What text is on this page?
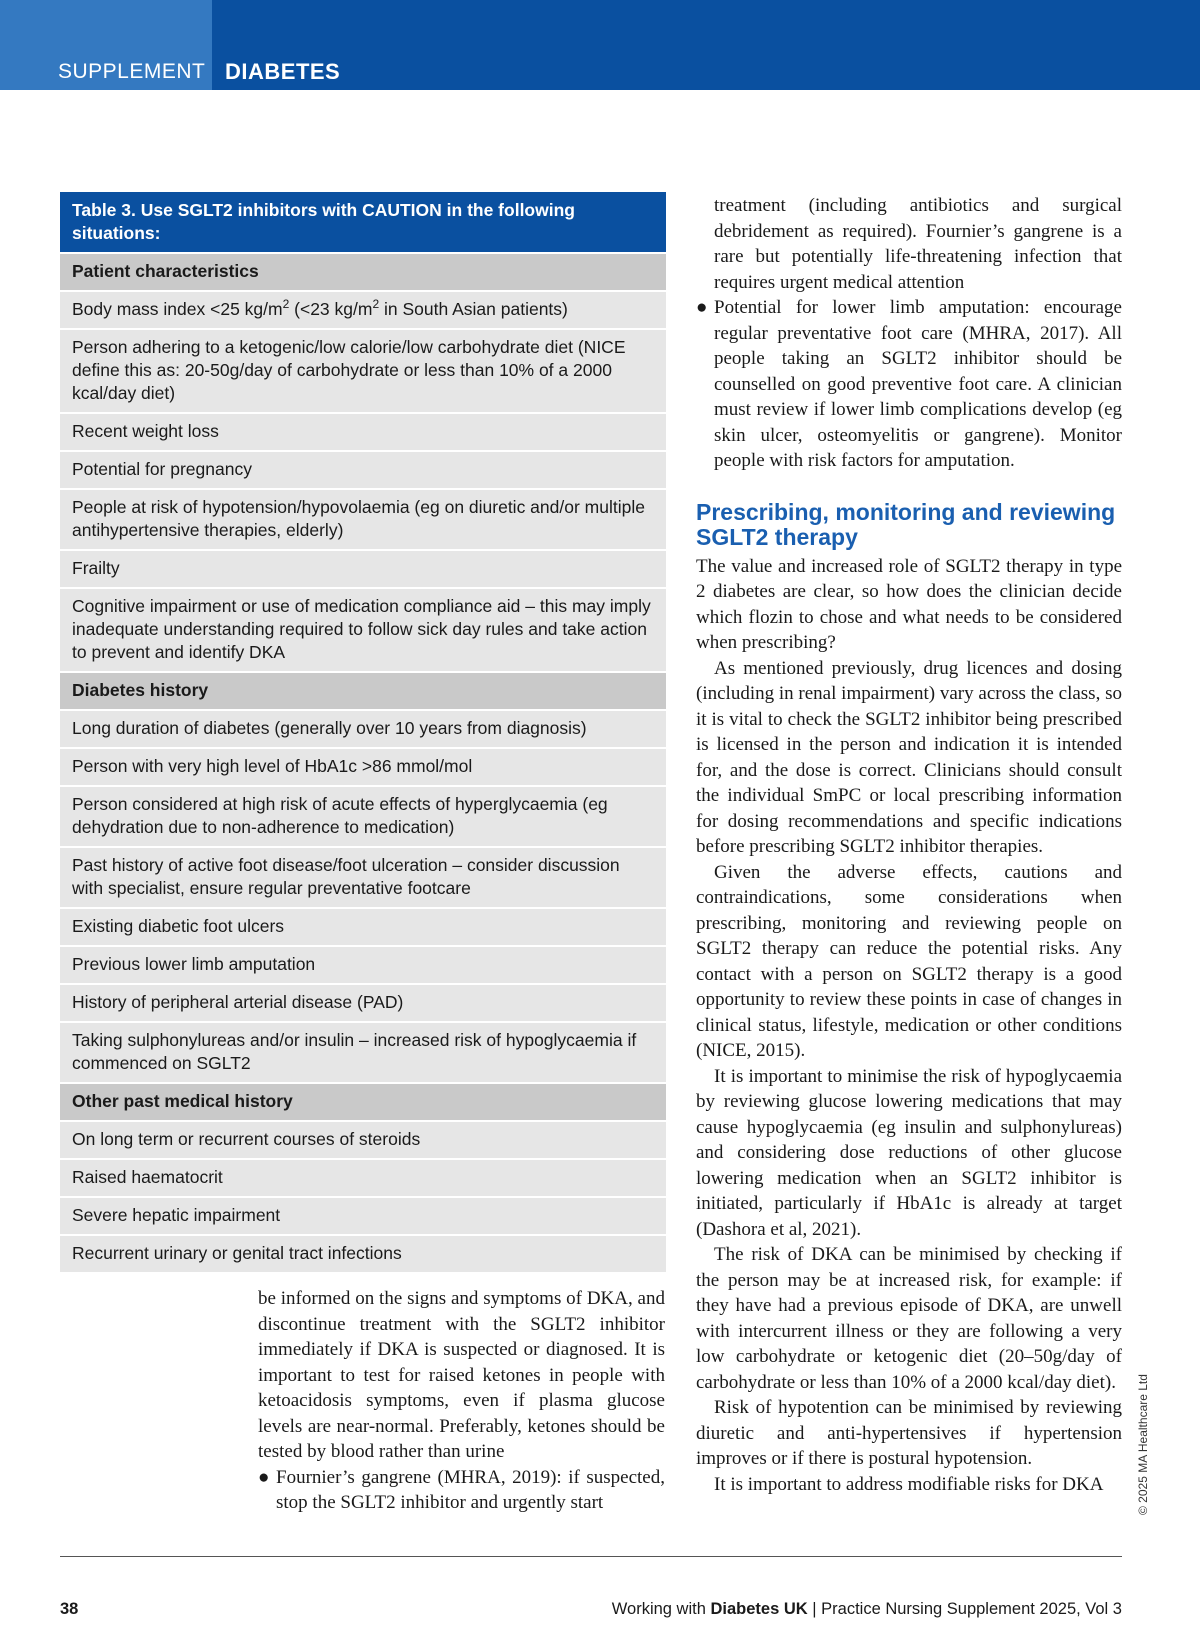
SUPPLEMENT DIABETES
Table 3. Use SGLT2 inhibitors with CAUTION in the following situations:
Patient characteristics
Body mass index <25 $kg/m^2$ (<23 $kg/m^2$ in South Asian patients)
Person adhering to a ketogenic/low calorie/low carbohydrate diet (NICE define this as: 20-50g/day of carbohydrate or less than 10% of a 2000 kcal/day diet)
Recent weight loss
Potential for pregnancy
People at risk of hypotension/hypovolaemia (eg on diuretic and/or multiple antihypertensive therapies, elderly)
Frailty
Cognitive impairment or use of medication compliance aid – this may imply inadequate understanding required to follow sick day rules and take action to prevent and identify DKA
Diabetes history
Long duration of diabetes (generally over 10 years from diagnosis)
Person with very high level of HbA1c >86 mmol/mol
Person considered at high risk of acute effects of hyperglycaemia (eg dehydration due to non-adherence to medication)
Past history of active foot disease/foot ulceration – consider discussion with specialist, ensure regular preventative footcare
Existing diabetic foot ulcers
Previous lower limb amputation
History of peripheral arterial disease (PAD)
Taking sulphonylureas and/or insulin – increased risk of hypoglycaemia if commenced on SGLT2
Other past medical history
On long term or recurrent courses of steroids
Raised haematocrit
Severe hepatic impairment
Recurrent urinary or genital tract infections

be informed on the signs and symptoms of DKA, and discontinue treatment with the SGLT2 inhibitor immediately if DKA is suspected or diagnosed. It is important to test for raised ketones in people with ketoacidosis symptoms, even if plasma glucose levels are near-normal. Preferably, ketones should be tested by blood rather than urine

● Fournier’s gangrene (MHRA, 2019): if suspected, stop the SGLT2 inhibitor and urgently start

treatment (including antibiotics and surgical debridement as required). Fournier’s gangrene is a rare but potentially life-threatening infection that requires urgent medical attention

● Potential for lower limb amputation: encourage regular preventative foot care (MHRA, 2017). All people taking an SGLT2 inhibitor should be counselled on good preventive foot care. A clinician must review if lower limb complications develop (eg skin ulcer, osteomyelitis or gangrene). Monitor people with risk factors for amputation.
Prescribing, monitoring and reviewing SGLT2 therapy

The value and increased role of SGLT2 therapy in type 2 diabetes are clear, so how does the clinician decide which flozin to chose and what needs to be considered when prescribing?

As mentioned previously, drug licences and dosing (including in renal impairment) vary across the class, so it is vital to check the SGLT2 inhibitor being prescribed is licensed in the person and indication it is intended for, and the dose is correct. Clinicians should consult the individual SmPC or local prescribing information for dosing recommendations and specific indications before prescribing SGLT2 inhibitor therapies.

Given the adverse effects, cautions and contraindications, some considerations when prescribing, monitoring and reviewing people on SGLT2 therapy can reduce the potential risks. Any contact with a person on SGLT2 therapy is a good opportunity to review these points in case of changes in clinical status, lifestyle, medication or other conditions (NICE, 2015).

It is important to minimise the risk of hypoglycaemia by reviewing glucose lowering medications that may cause hypoglycaemia (eg insulin and sulphonylureas) and considering dose reductions of other glucose lowering medication when an SGLT2 inhibitor is initiated, particularly if HbA1c is already at target (Dashora et al, 2021).

The risk of DKA can be minimised by checking if the person may be at increased risk, for example: if they have had a previous episode of DKA, are unwell with intercurrent illness or they are following a very low carbohydrate or ketogenic diet (20–50g/day of carbohydrate or less than 10% of a 2000 kcal/day diet).

Risk of hypotention can be minimised by reviewing diuretic and anti-hypertensives if hypertension improves or if there is postural hypotension.

It is important to address modifiable risks for DKA	© 2025 MA Healthcare Ltd
38	Working with Diabetes UK | Practice Nursing Supplement 2025, Vol 3
